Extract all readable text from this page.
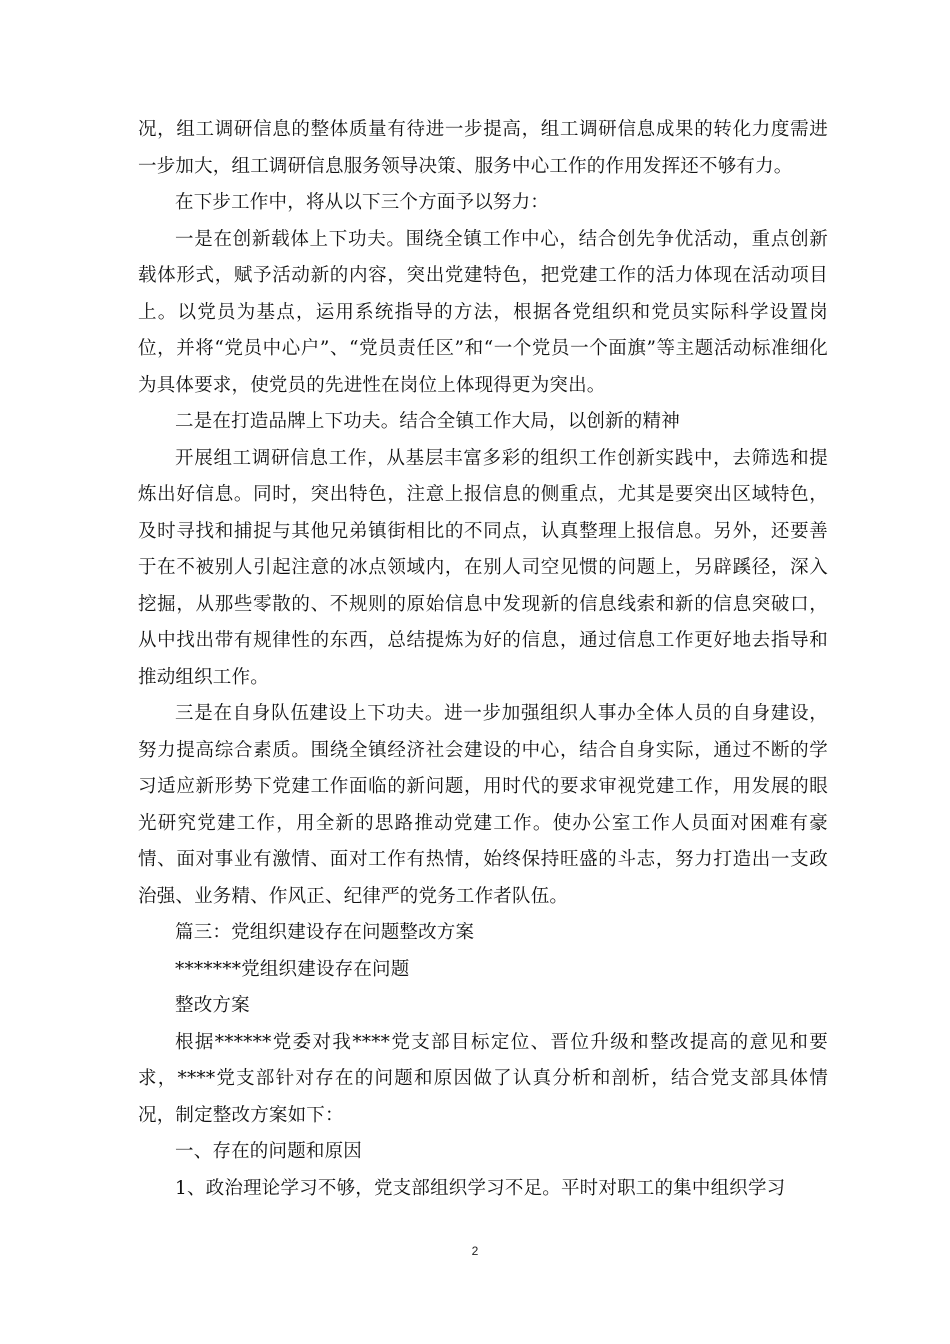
况，组工调研信息的整体质量有待进一步提高，组工调研信息成果的转化力度需进一步加大，组工调研信息服务领导决策、服务中心工作的作用发挥还不够有力。

在下步工作中，将从以下三个方面予以努力：

一是在创新载体上下功夫。围绕全镇工作中心，结合创先争优活动，重点创新载体形式，赋予活动新的内容，突出党建特色，把党建工作的活力体现在活动项目上。以党员为基点，运用系统指导的方法，根据各党组织和党员实际科学设置岗位，并将“党员中心户”、“党员责任区”和“一个党员一个面旗”等主题活动标准细化为具体要求，使党员的先进性在岗位上体现得更为突出。

二是在打造品牌上下功夫。结合全镇工作大局，以创新的精神

开展组工调研信息工作，从基层丰富多彩的组织工作创新实践中，去筛选和提炼出好信息。同时，突出特色，注意上报信息的侧重点，尤其是要突出区域特色，及时寻找和捕捉与其他兄弟镇街相比的不同点，认真整理上报信息。另外，还要善于在不被别人引起注意的冰点领域内，在别人司空见惯的问题上，另辟蹊径，深入挖掘，从那些零散的、不规则的原始信息中发现新的信息线索和新的信息突破口，从中找出带有规律性的东西，总结提炼为好的信息，通过信息工作更好地去指导和推动组织工作。

三是在自身队伍建设上下功夫。进一步加强组织人事办全体人员的自身建设，努力提高综合素质。围绕全镇经济社会建设的中心，结合自身实际，通过不断的学习适应新形势下党建工作面临的新问题，用时代的要求审视党建工作，用发展的眼光研究党建工作，用全新的思路推动党建工作。使办公室工作人员面对困难有豪情、面对事业有激情、面对工作有热情，始终保持旺盛的斗志，努力打造出一支政治强、业务精、作风正、纪律严的党务工作者队伍。

篇三：党组织建设存在问题整改方案

*******党组织建设存在问题

整改方案

根据******党委对我****党支部目标定位、晋位升级和整改提高的意见和要求，****党支部针对存在的问题和原因做了认真分析和剖析，结合党支部具体情况，制定整改方案如下：

一、存在的问题和原因

1、政治理论学习不够，党支部组织学习不足。平时对职工的集中组织学习

2
